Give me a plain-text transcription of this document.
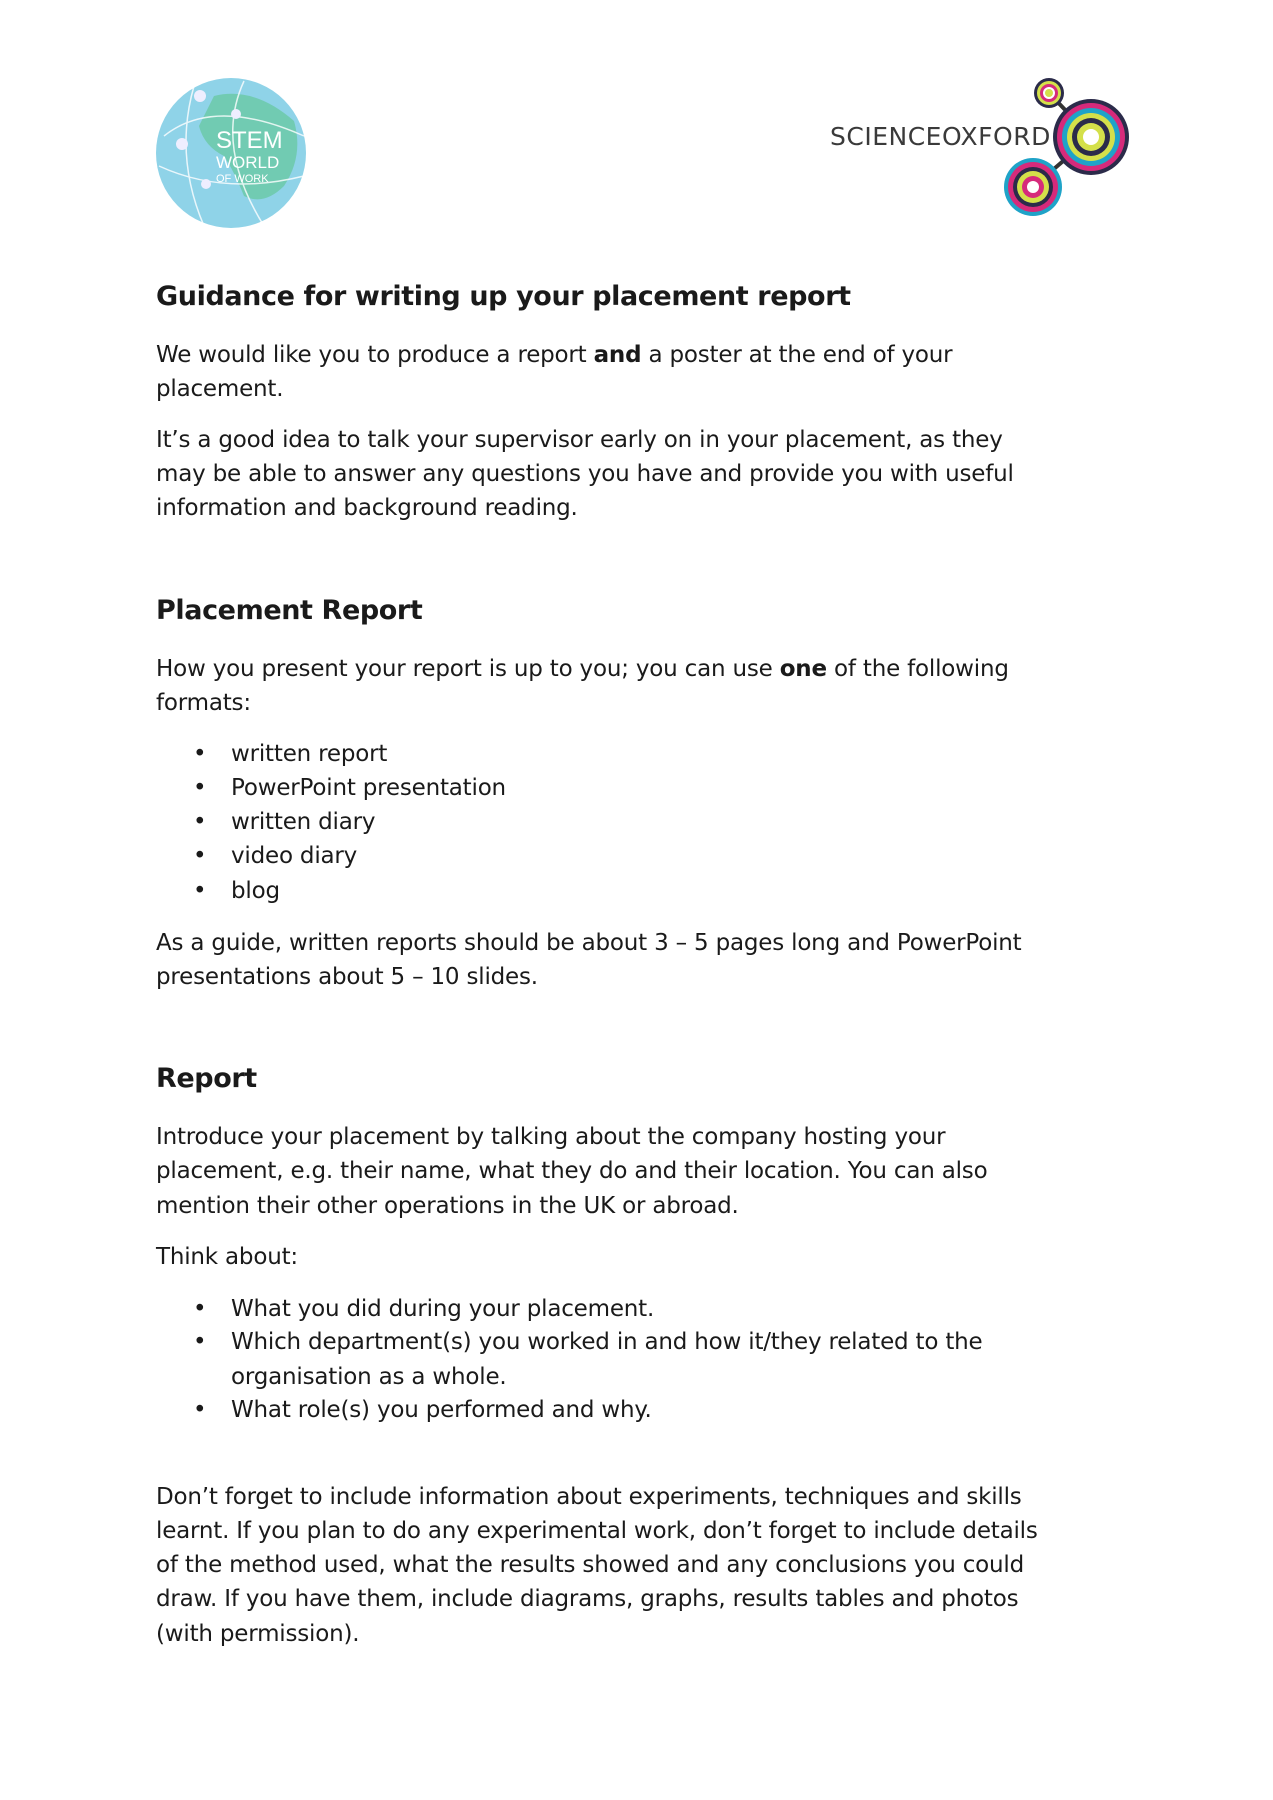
STEM
WORLD
OF WORK
SCIENCEOXFORD
Guidance for writing up your placement report
We would like you to produce a report and a poster at the end of your
placement.
It’s a good idea to talk your supervisor early on in your placement, as they
may be able to answer any questions you have and provide you with useful
information and background reading.
Placement Report
How you present your report is up to you; you can use one of the following
formats:
• written report
• PowerPoint presentation
• written diary
• video diary
• blog
As a guide, written reports should be about 3 – 5 pages long and PowerPoint
presentations about 5 – 10 slides.
Report
Introduce your placement by talking about the company hosting your
placement, e.g. their name, what they do and their location. You can also
mention their other operations in the UK or abroad.
Think about:
• What you did during your placement.
• Which department(s) you worked in and how it/they related to the
organisation as a whole.
• What role(s) you performed and why.
Don’t forget to include information about experiments, techniques and skills
learnt. If you plan to do any experimental work, don’t forget to include details
of the method used, what the results showed and any conclusions you could
draw. If you have them, include diagrams, graphs, results tables and photos
(with permission).
